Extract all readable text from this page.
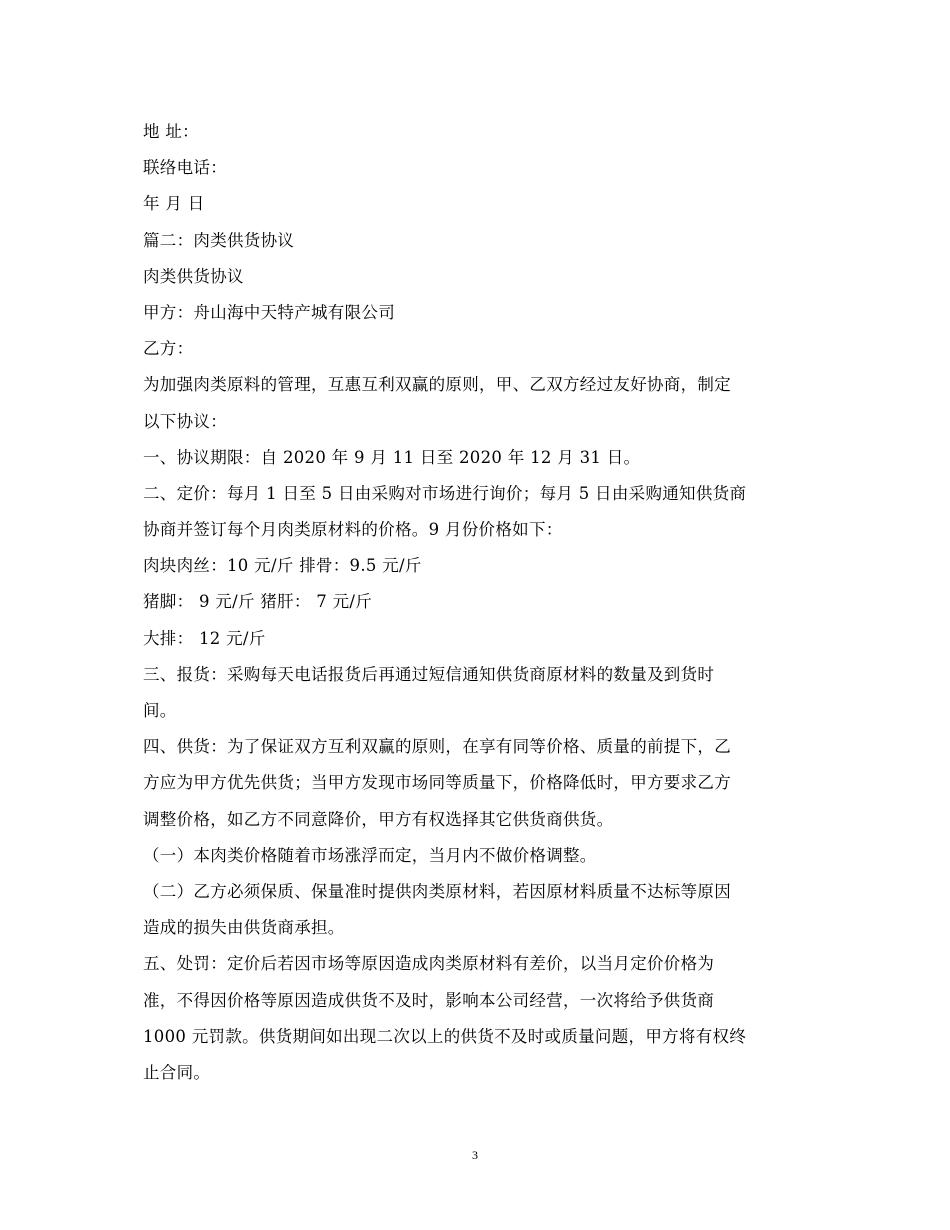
地 址：
联络电话：
年 月 日
篇二：肉类供货协议
肉类供货协议
甲方：舟山海中天特产城有限公司
乙方：
为加强肉类原料的管理，互惠互利双赢的原则，甲、乙双方经过友好协商，制定
以下协议：
一、协议期限：自 2020 年 9 月 11 日至 2020 年 12 月 31 日。
二、定价：每月 1 日至 5 日由采购对市场进行询价；每月 5 日由采购通知供货商
协商并签订每个月肉类原材料的价格。9 月份价格如下：
肉块肉丝：10 元/斤 排骨：9.5 元/斤
猪脚： 9 元/斤 猪肝： 7 元/斤
大排： 12 元/斤
三、报货：采购每天电话报货后再通过短信通知供货商原材料的数量及到货时
间。
四、供货：为了保证双方互利双赢的原则，在享有同等价格、质量的前提下，乙
方应为甲方优先供货；当甲方发现市场同等质量下，价格降低时，甲方要求乙方
调整价格，如乙方不同意降价，甲方有权选择其它供货商供货。
（一）本肉类价格随着市场涨浮而定，当月内不做价格调整。
（二）乙方必须保质、保量准时提供肉类原材料，若因原材料质量不达标等原因
造成的损失由供货商承担。
五、处罚：定价后若因市场等原因造成肉类原材料有差价，以当月定价价格为
准，不得因价格等原因造成供货不及时，影响本公司经营，一次将给予供货商
1000 元罚款。供货期间如出现二次以上的供货不及时或质量问题，甲方将有权终
止合同。
3
